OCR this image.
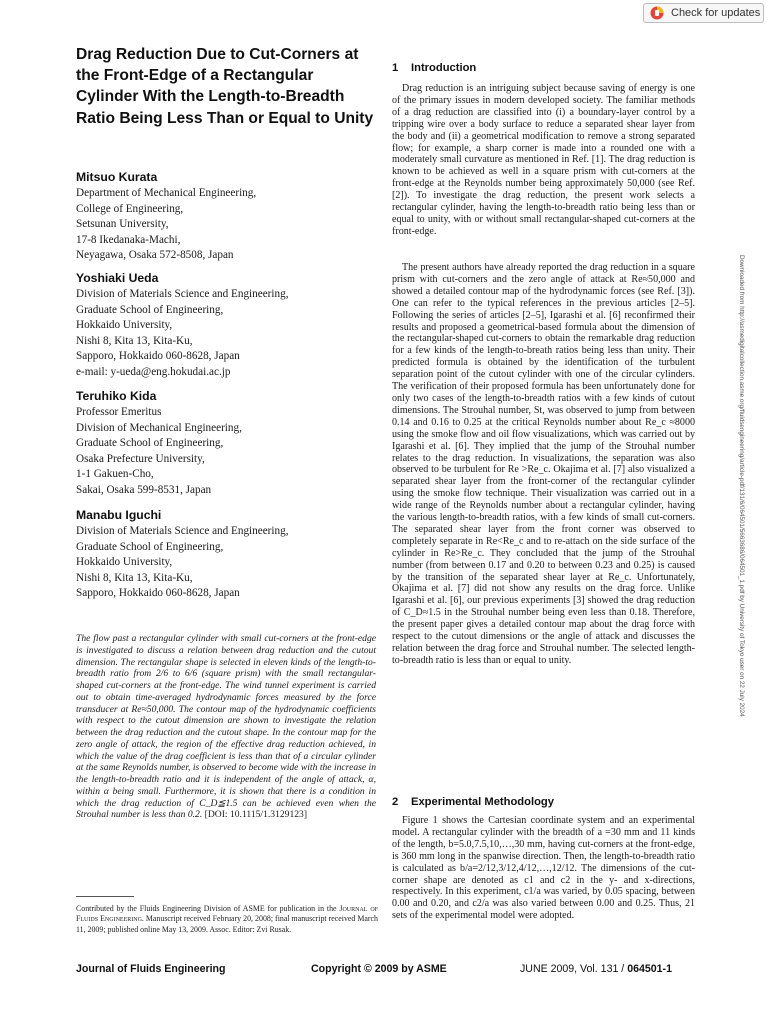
Check for updates
Drag Reduction Due to Cut-Corners at the Front-Edge of a Rectangular Cylinder With the Length-to-Breadth Ratio Being Less Than or Equal to Unity
Mitsuo Kurata
Department of Mechanical Engineering,
College of Engineering,
Setsunan University,
17-8 Ikedanaka-Machi,
Neyagawa, Osaka 572-8508, Japan
Yoshiaki Ueda
Division of Materials Science and Engineering,
Graduate School of Engineering,
Hokkaido University,
Nishi 8, Kita 13, Kita-Ku,
Sapporo, Hokkaido 060-8628, Japan
e-mail: y-ueda@eng.hokudai.ac.jp
Teruhiko Kida
Professor Emeritus
Division of Mechanical Engineering,
Graduate School of Engineering,
Osaka Prefecture University,
1-1 Gakuen-Cho,
Sakai, Osaka 599-8531, Japan
Manabu Iguchi
Division of Materials Science and Engineering,
Graduate School of Engineering,
Hokkaido University,
Nishi 8, Kita 13, Kita-Ku,
Sapporo, Hokkaido 060-8628, Japan

The flow past a rectangular cylinder with small cut-corners at the front-edge is investigated to discuss a relation between drag reduction and the cutout dimension. The rectangular shape is selected in eleven kinds of the length-to-breadth ratio from 2/6 to 6/6 (square prism) with the small rectangular-shaped cut-corners at the front-edge. The wind tunnel experiment is carried out to obtain time-averaged hydrodynamic forces measured by the force transducer at Re≈50,000. The contour map of the hydrodynamic coefficients with respect to the cutout dimension are shown to investigate the relation between the drag reduction and the cutout shape. In the contour map for the zero angle of attack, the region of the effective drag reduction achieved, in which the value of the drag coefficient is less than that of a circular cylinder at the same Reynolds number, is observed to become wide with the increase in the length-to-breadth ratio and it is independent of the angle of attack, α, within α being small. Furthermore, it is shown that there is a condition in which the drag reduction of C_D≦1.5 can be achieved even when the Strouhal number is less than 0.2. [DOI: 10.1115/1.3129123]

Contributed by the Fluids Engineering Division of ASME for publication in the Journal of Fluids Engineering. Manuscript received February 20, 2008; final manuscript received March 11, 2009; published online May 13, 2009. Assoc. Editor: Zvi Rusak.

1 Introduction

Drag reduction is an intriguing subject because saving of energy is one of the primary issues in modern developed society. The familiar methods of a drag reduction are classified into (i) a boundary-layer control by a tripping wire over a body surface to reduce a separated shear layer from the body and (ii) a geometrical modification to remove a strong separated flow; for example, a sharp corner is made into a rounded one with a moderately small curvature as mentioned in Ref. [1]. The drag reduction is known to be achieved as well in a square prism with cut-corners at the front-edge at the Reynolds number being approximately 50,000 (see Ref. [2]). To investigate the drag reduction, the present work selects a rectangular cylinder, having the length-to-breadth ratio being less than or equal to unity, with or without small rectangular-shaped cut-corners at the front-edge.

The present authors have already reported the drag reduction in a square prism with cut-corners and the zero angle of attack at Re≈50,000 and showed a detailed contour map of the hydrodynamic forces (see Ref. [3]). One can refer to the typical references in the previous articles [2–5]. Following the series of articles [2–5], Igarashi et al. [6] reconfirmed their results and proposed a geometrical-based formula about the dimension of the rectangular-shaped cut-corners to obtain the remarkable drag reduction for a few kinds of the length-to-breath ratios being less than unity. Their predicted formula is obtained by the identification of the turbulent separation point of the cutout cylinder with one of the circular cylinders. The verification of their proposed formula has been unfortunately done for only two cases of the length-to-breadth ratios with a few kinds of cutout dimensions. The Strouhal number, St, was observed to jump from between 0.14 and 0.16 to 0.25 at the critical Reynolds number about Re_c ≈8000 using the smoke flow and oil flow visualizations, which was carried out by Igarashi et al. [6]. They implied that the jump of the Strouhal number relates to the drag reduction. In visualizations, the separation was also observed to be turbulent for Re >Re_c. Okajima et al. [7] also visualized a separated shear layer from the front-corner of the rectangular cylinder using the smoke flow technique. Their visualization was carried out in a wide range of the Reynolds number about a rectangular cylinder, having the various length-to-breadth ratios, with a few kinds of small cut-corners. The separated shear layer from the front corner was observed to completely separate in Re<Re_c and to re-attach on the side surface of the cylinder in Re>Re_c. They concluded that the jump of the Strouhal number (from between 0.17 and 0.20 to between 0.23 and 0.25) is caused by the transition of the separated shear layer at Re_c. Unfortunately, Okajima et al. [7] did not show any results on the drag force. Unlike Igarashi et al. [6], our previous experiments [3] showed the drag reduction of C_D≈1.5 in the Strouhal number being even less than 0.18. Therefore, the present paper gives a detailed contour map about the drag force with respect to the cutout dimensions or the angle of attack and discusses the relation between the drag force and Strouhal number. The selected length-to-breadth ratio is less than or equal to unity.

2 Experimental Methodology

Figure 1 shows the Cartesian coordinate system and an experimental model. A rectangular cylinder with the breadth of a =30 mm and 11 kinds of the length, b=5.0,7.5,10,…,30 mm, having cut-corners at the front-edge, is 360 mm long in the spanwise direction. Then, the length-to-breadth ratio is calculated as b/a=2/12,3/12,4/12,…,12/12. The dimensions of the cut-corner shape are denoted as c1 and c2 in the y- and x-directions, respectively. In this experiment, c1/a was varied, by 0.05 spacing, between 0.00 and 0.20, and c2/a was also varied between 0.00 and 0.25. Thus, 21 sets of the experimental model were adopted.

Downloaded from http://asmedigitalcollection.asme.org/fluidsengineering/article-pdf/131/6/064501/5663686/064501_1.pdf by University of Tokyo user on 22 July 2024
Journal of Fluids Engineering	Copyright © 2009 by ASME	JUNE 2009, Vol. 131 / 064501-1
